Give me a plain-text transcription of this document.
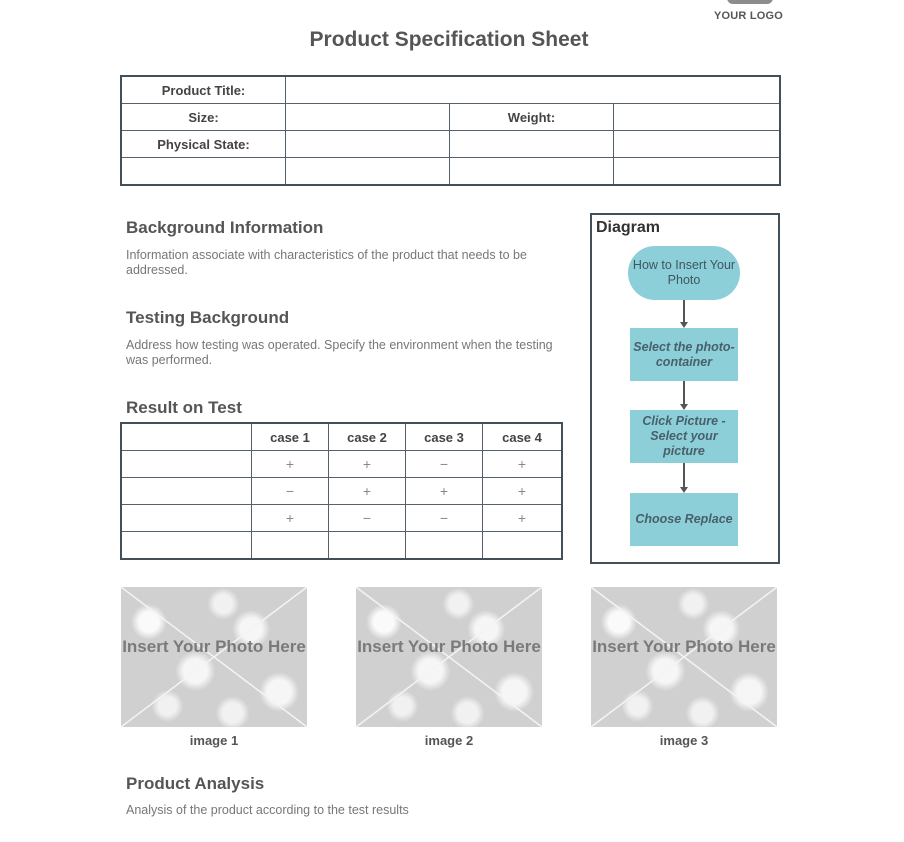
YOUR LOGO
Product Specification Sheet
Product Title:			
Size:		Weight:	
Physical State:			

Background Information
Information associate with characteristics of the product that needs to be addressed.
Testing Background
Address how testing was operated. Specify the environment when the testing was performed.
Result on Test
	case 1	case 2	case 3	case 4
	+	+	−	+
	−	+	+	+
	+	−	−	+

Diagram
How to Insert Your Photo
Select the photo-container
Click Picture - Select your picture
Choose Replace
Insert Your Photo Here	Insert Your Photo Here	Insert Your Photo Here
image 1	image 2	image 3
Product Analysis
Analysis of the product according to the test results
